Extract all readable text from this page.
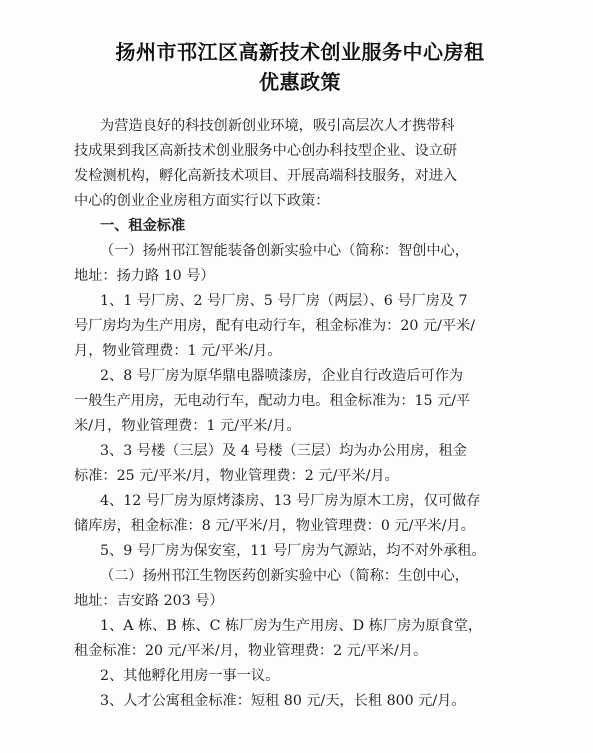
扬州市邗江区高新技术创业服务中心房租
优惠政策
为营造良好的科技创新创业环境，吸引高层次人才携带科
技成果到我区高新技术创业服务中心创办科技型企业、设立研
发检测机构，孵化高新技术项目、开展高端科技服务，对进入
中心的创业企业房租方面实行以下政策：
一、租金标准
（一）扬州邗江智能装备创新实验中心（简称：智创中心，
地址：扬力路 10 号）
1、1 号厂房、2 号厂房、5 号厂房（两层）、6 号厂房及 7
号厂房均为生产用房，配有电动行车，租金标准为：20 元/平米/
月，物业管理费：1 元/平米/月。
2、8 号厂房为原华鼎电器喷漆房，企业自行改造后可作为
一般生产用房，无电动行车，配动力电。租金标准为：15 元/平
米/月，物业管理费：1 元/平米/月。
3、3 号楼（三层）及 4 号楼（三层）均为办公用房，租金
标准：25 元/平米/月，物业管理费：2 元/平米/月。
4、12 号厂房为原烤漆房、13 号厂房为原木工房，仅可做存
储库房，租金标准：8 元/平米/月，物业管理费：0 元/平米/月。
5、9 号厂房为保安室，11 号厂房为气源站，均不对外承租。
（二）扬州邗江生物医药创新实验中心（简称：生创中心，
地址：吉安路 203 号）
1、A 栋、B 栋、C 栋厂房为生产用房、D 栋厂房为原食堂，
租金标准：20 元/平米/月，物业管理费：2 元/平米/月。
2、其他孵化用房一事一议。
3、人才公寓租金标准：短租 80 元/天，长租 800 元/月。
